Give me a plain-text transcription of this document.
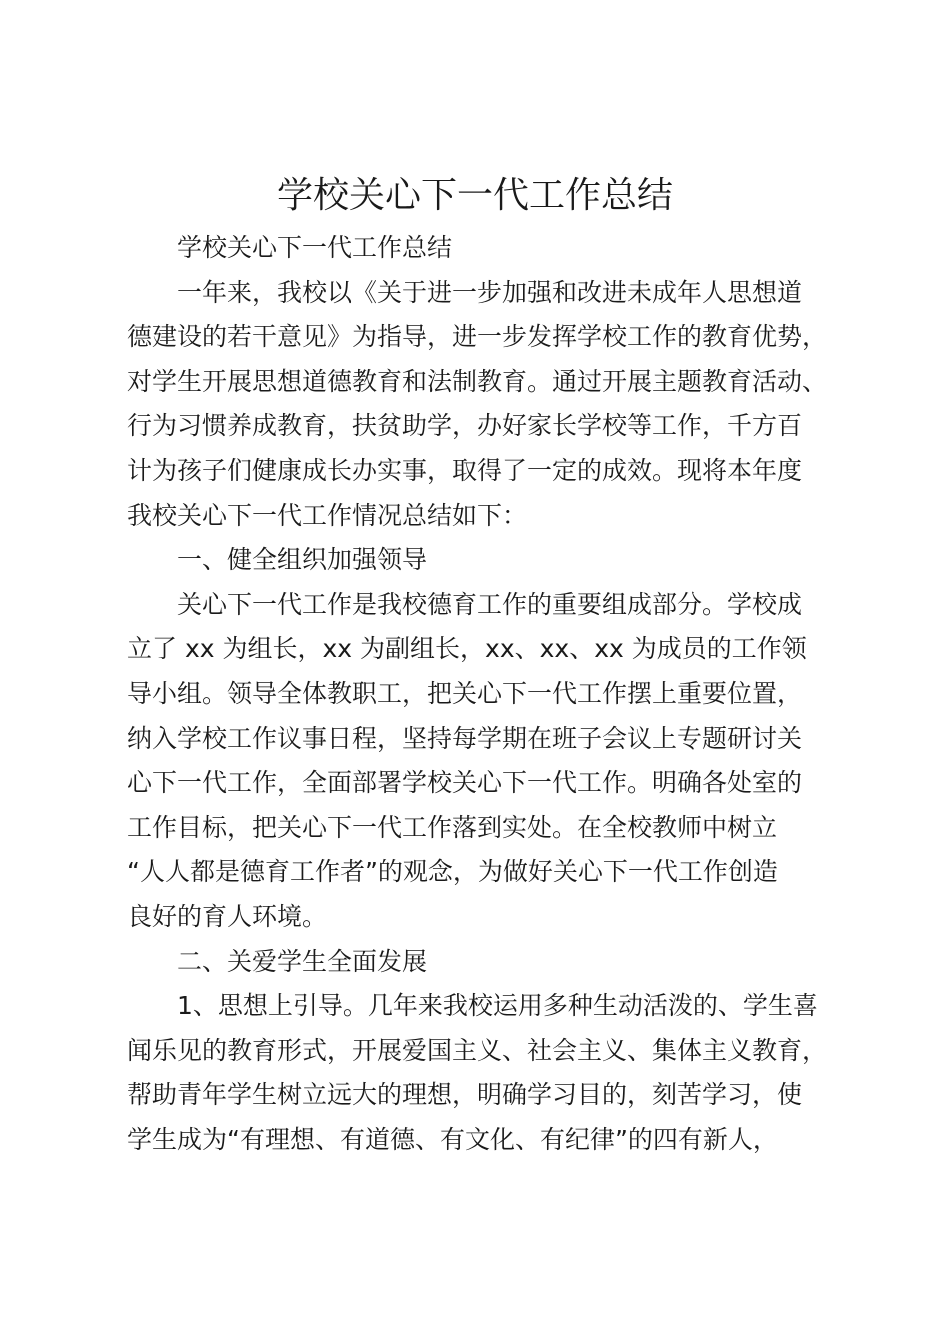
学校关心下一代工作总结
学校关心下一代工作总结
一年来，我校以《关于进一步加强和改进未成年人思想道
德建设的若干意见》为指导，进一步发挥学校工作的教育优势，
对学生开展思想道德教育和法制教育。通过开展主题教育活动、
行为习惯养成教育，扶贫助学，办好家长学校等工作，千方百
计为孩子们健康成长办实事，取得了一定的成效。现将本年度
我校关心下一代工作情况总结如下：
一、健全组织加强领导
关心下一代工作是我校德育工作的重要组成部分。学校成
立了 xx 为组长，xx 为副组长，xx、xx、xx 为成员的工作领
导小组。领导全体教职工，把关心下一代工作摆上重要位置，
纳入学校工作议事日程，坚持每学期在班子会议上专题研讨关
心下一代工作，全面部署学校关心下一代工作。明确各处室的
工作目标，把关心下一代工作落到实处。在全校教师中树立
“人人都是德育工作者”的观念，为做好关心下一代工作创造
良好的育人环境。
二、关爱学生全面发展
1、思想上引导。几年来我校运用多种生动活泼的、学生喜
闻乐见的教育形式，开展爱国主义、社会主义、集体主义教育，
帮助青年学生树立远大的理想，明确学习目的，刻苦学习，使
学生成为“有理想、有道德、有文化、有纪律”的四有新人，
